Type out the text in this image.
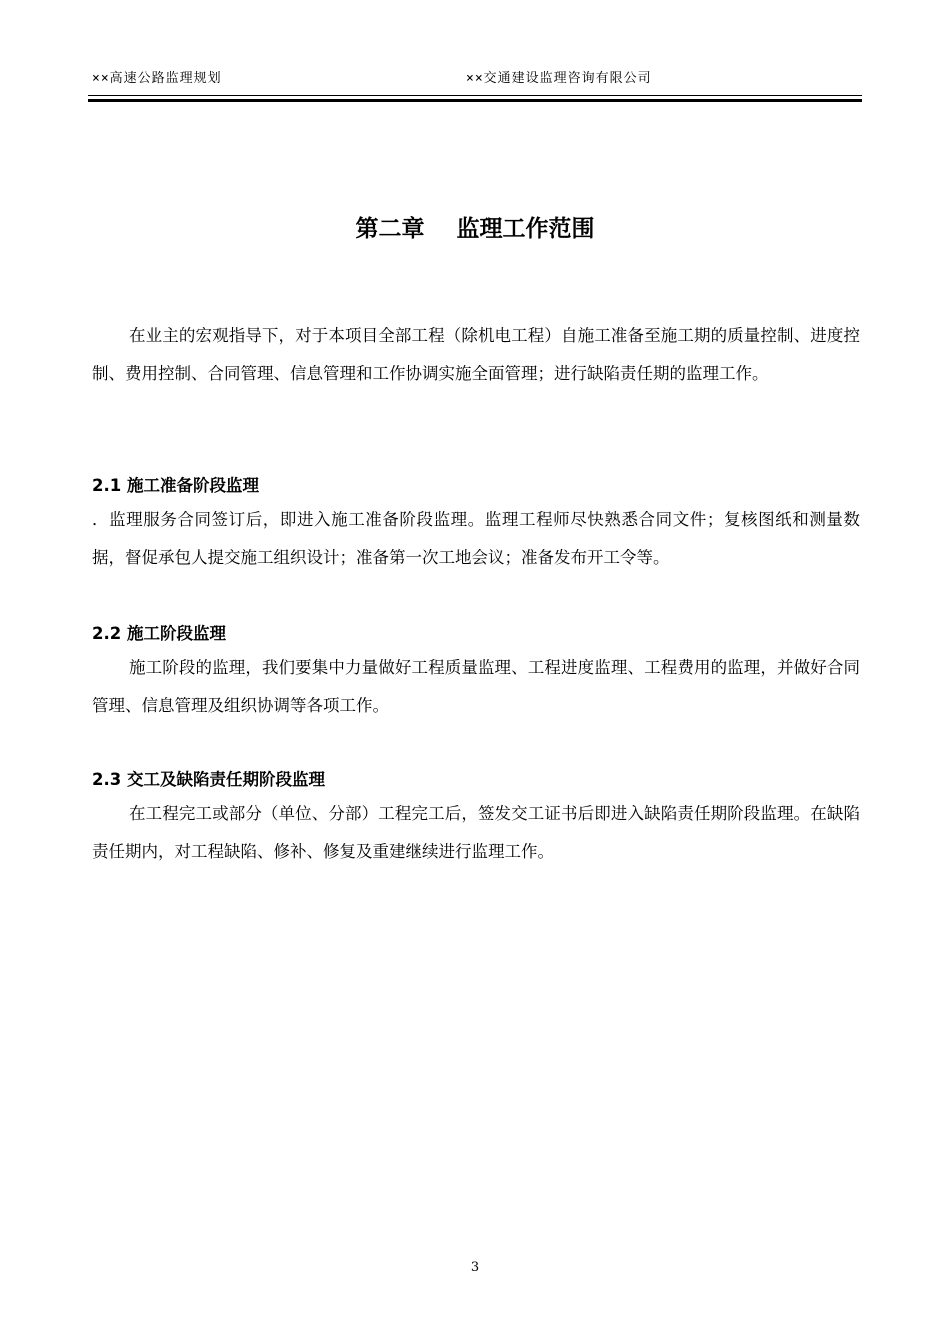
××高速公路监理规划	××交通建设监理咨询有限公司
第二章    监理工作范围

在业主的宏观指导下，对于本项目全部工程（除机电工程）自施工准备至施工期的质量控制、进度控制、费用控制、合同管理、信息管理和工作协调实施全面管理；进行缺陷责任期的监理工作。

2.1 施工准备阶段监理

．监理服务合同签订后，即进入施工准备阶段监理。监理工程师尽快熟悉合同文件；复核图纸和测量数据，督促承包人提交施工组织设计；准备第一次工地会议；准备发布开工令等。

2.2 施工阶段监理

施工阶段的监理，我们要集中力量做好工程质量监理、工程进度监理、工程费用的监理，并做好合同管理、信息管理及组织协调等各项工作。

2.3 交工及缺陷责任期阶段监理

在工程完工或部分（单位、分部）工程完工后，签发交工证书后即进入缺陷责任期阶段监理。在缺陷责任期内，对工程缺陷、修补、修复及重建继续进行监理工作。

3
